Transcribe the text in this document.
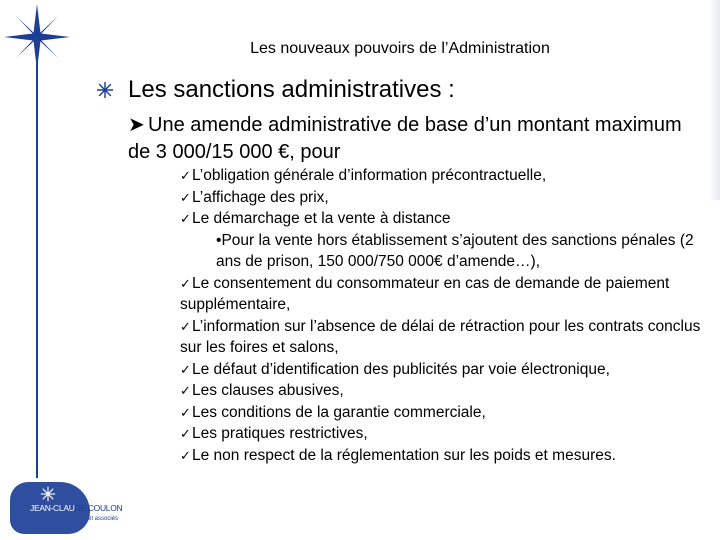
Les nouveaux pouvoirs de l’Administration
Les sanctions administratives :
➤ Une amende administrative de base d’un montant maximum de 3 000/15 000 €, pour
✓L’obligation générale d’information précontractuelle,
✓L’affichage des prix,
✓Le démarchage et la vente à distance
•Pour la vente hors établissement s’ajoutent des sanctions pénales (2 ans de prison, 150 000/750 000€ d’amende…),
✓Le consentement du consommateur en cas de demande de paiement supplémentaire,
✓L’information sur l’absence de délai de rétraction pour les contrats conclus sur les foires et salons,
✓Le défaut d’identification des publicités par voie électronique,
✓Les clauses abusives,
✓Les conditions de la garantie commerciale,
✓Les pratiques restrictives,
✓Le non respect de la réglementation sur les poids et mesures.
JEAN-CLAUDE COULON
et associés
